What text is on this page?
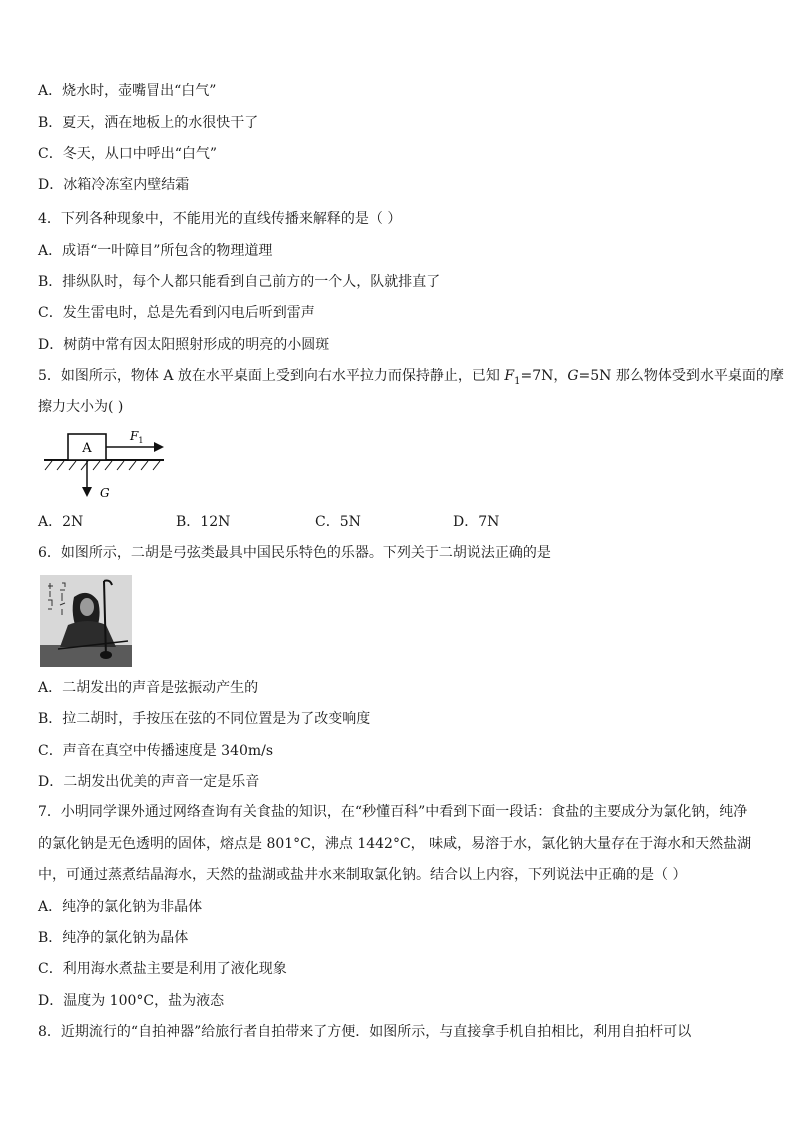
A．烧水时，壶嘴冒出“白气”
B．夏天，洒在地板上的水很快干了
C．冬天，从口中呼出“白气”
D．冰箱冷冻室内壁结霜
4．下列各种现象中，不能用光的直线传播来解释的是（ ）
A．成语“一叶障目”所包含的物理道理
B．排纵队时，每个人都只能看到自己前方的一个人，队就排直了
C．发生雷电时，总是先看到闪电后听到雷声
D．树荫中常有因太阳照射形成的明亮的小圆斑
5．如图所示，物体 A 放在水平桌面上受到向右水平拉力而保持静止，已知 $F_1=7N$，G=5N 那么物体受到水平桌面的摩
擦力大小为( )
A
$F_1$
G
A．2N	B．12N	C．5N	D．7N
6．如图所示，二胡是弓弦类最具中国民乐特色的乐器。下列关于二胡说法正确的是
A．二胡发出的声音是弦振动产生的
B．拉二胡时，手按压在弦的不同位置是为了改变响度
C．声音在真空中传播速度是 340m/s
D．二胡发出优美的声音一定是乐音
7．小明同学课外通过网络查询有关食盐的知识，在“秒懂百科”中看到下面一段话：食盐的主要成分为氯化钠，纯净的氯化钠是无色透明的固体，熔点是 801°C，沸点 1442°C， 味咸，易溶于水，氯化钠大量存在于海水和天然盐湖中，可通过蒸煮结晶海水，天然的盐湖或盐井水来制取氯化钠。结合以上内容，下列说法中正确的是（ ）
A．纯净的氯化钠为非晶体
B．纯净的氯化钠为晶体
C．利用海水煮盐主要是利用了液化现象
D．温度为 100°C，盐为液态
8．近期流行的“自拍神器”给旅行者自拍带来了方便．如图所示，与直接拿手机自拍相比，利用自拍杆可以
